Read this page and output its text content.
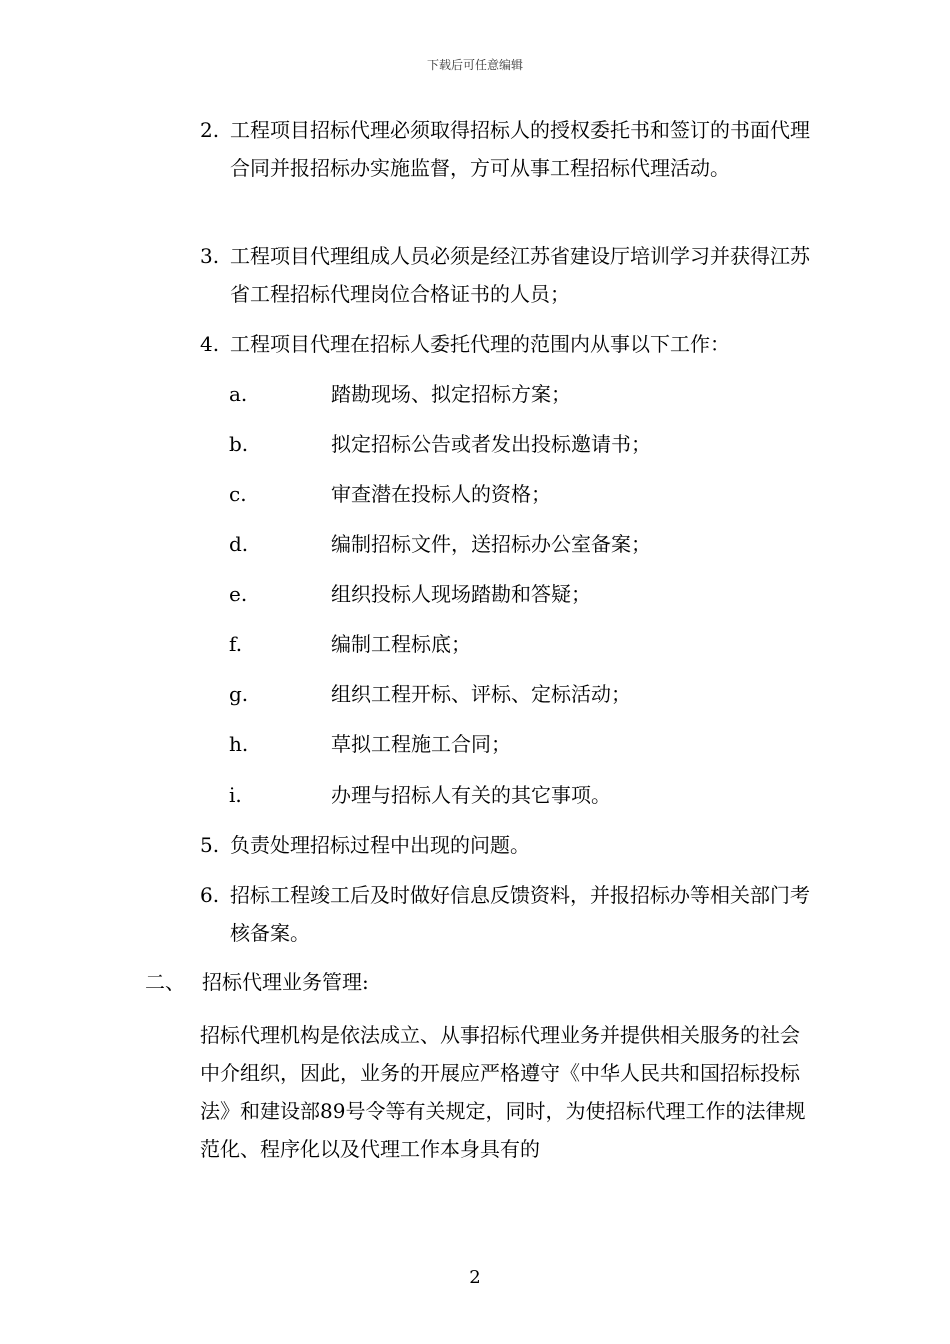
下载后可任意编辑
2. 工程项目招标代理必须取得招标人的授权委托书和签订的书面代理合同并报招标办实施监督，方可从事工程招标代理活动。
3. 工程项目代理组成人员必须是经江苏省建设厅培训学习并获得江苏省工程招标代理岗位合格证书的人员；
4. 工程项目代理在招标人委托代理的范围内从事以下工作：
a.	踏勘现场、拟定招标方案；
b.	拟定招标公告或者发出投标邀请书；
c.	审查潜在投标人的资格；
d.	编制招标文件，送招标办公室备案；
e.	组织投标人现场踏勘和答疑；
f.	编制工程标底；
g.	组织工程开标、评标、定标活动；
h.	草拟工程施工合同；
i.	办理与招标人有关的其它事项。
5. 负责处理招标过程中出现的问题。
6. 招标工程竣工后及时做好信息反馈资料，并报招标办等相关部门考核备案。
二、 招标代理业务管理:
招标代理机构是依法成立、从事招标代理业务并提供相关服务的社会中介组织，因此，业务的开展应严格遵守《中华人民共和国招标投标法》和建设部89号令等有关规定，同时，为使招标代理工作的法律规范化、程序化以及代理工作本身具有的
2
